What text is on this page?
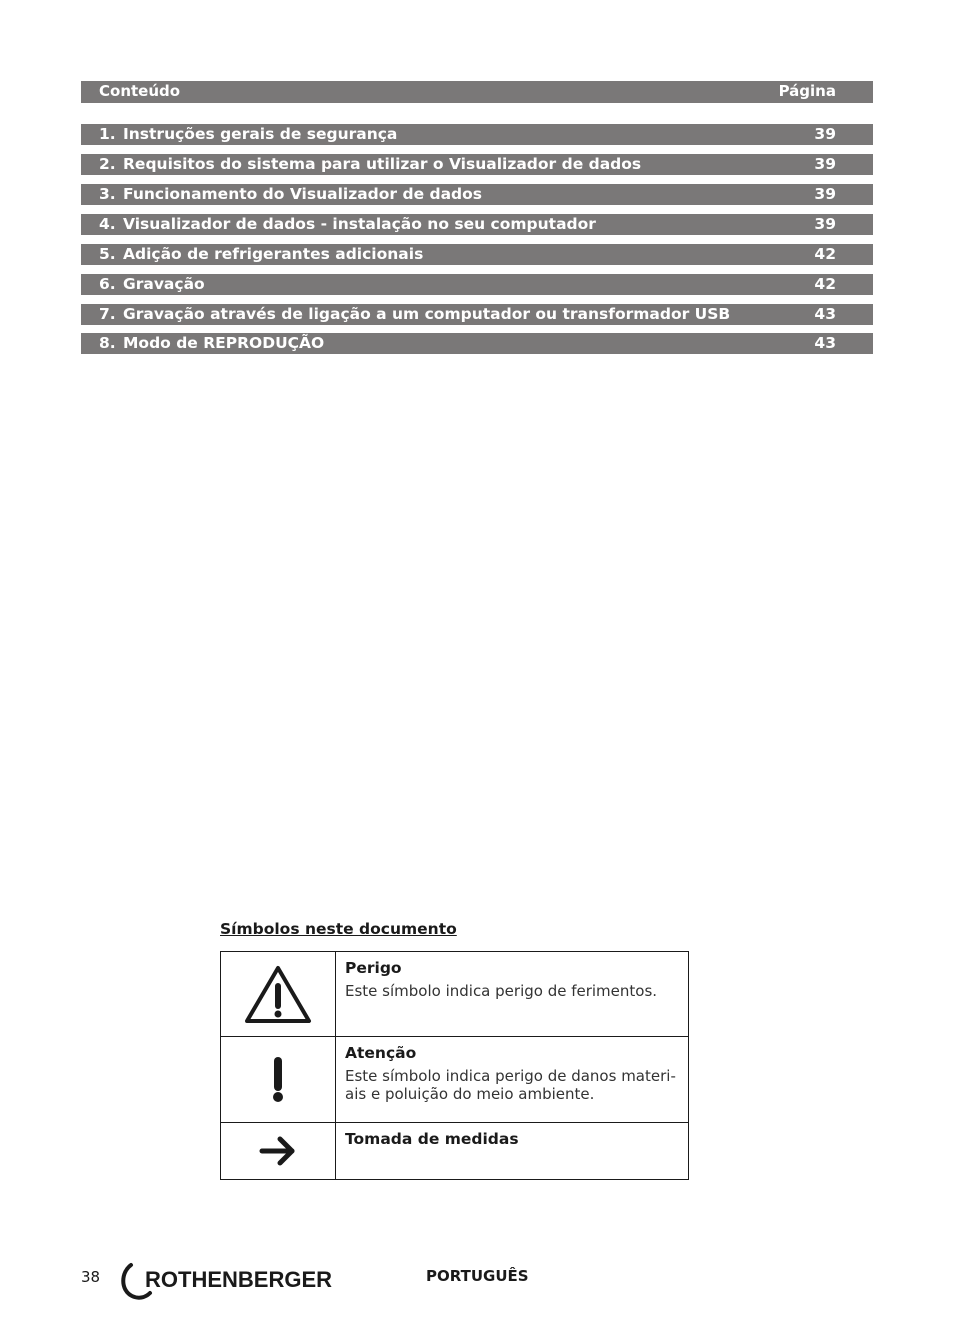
Conteúdo	Página
1. Instruções gerais de segurança	39
2. Requisitos do sistema para utilizar o Visualizador de dados	39
3. Funcionamento do Visualizador de dados	39
4. Visualizador de dados - instalação no seu computador	39
5. Adição de refrigerantes adicionais	42
6. Gravação	42
7. Gravação através de ligação a um computador ou transformador USB	43
8. Modo de REPRODUÇÃO	43
Símbolos neste documento

Perigo
Este símbolo indica perigo de ferimentos.

Atenção
Este símbolo indica perigo de danos materi-ais e poluição do meio ambiente.

Tomada de medidas
38 ROTHENBERGER	PORTUGUÊS
